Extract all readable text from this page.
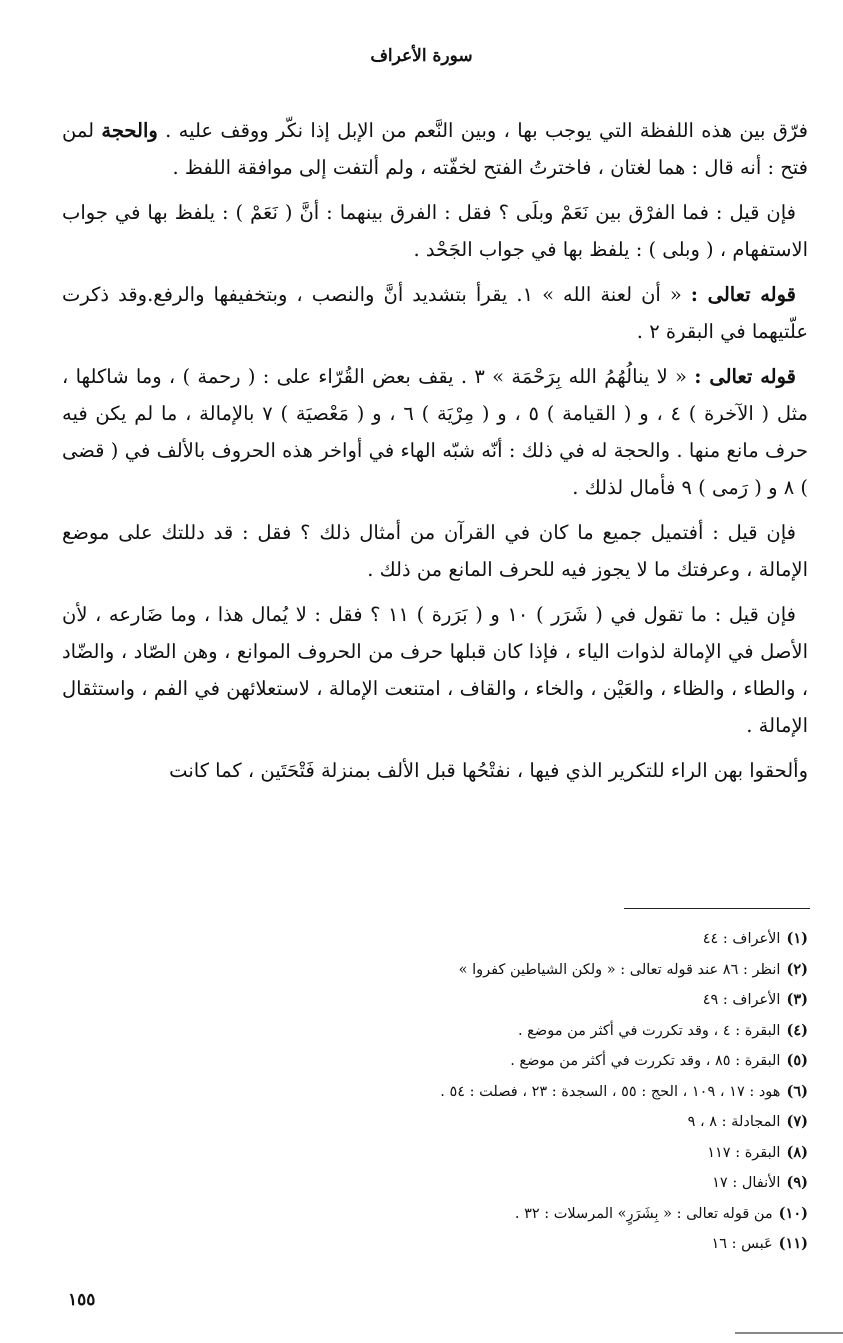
سورة الأعراف

فرّق بين هذه اللفظة التي يوجب بها ، وبين النَّعم من الإبل إذا نكّر ووقف عليه . والحجة لمن فتح : أنه قال : هما لغتان ، فاخترتُ الفتح لخفّته ، ولم ألتفت إلى موافقة اللفظ .

فإن قيل : فما الفرْق بين نَعَمْ وبلَى ؟ فقل : الفرق بينهما : أنَّ ( نَعَمْ ) : يلفظ بها في جواب الاستفهام ، ( وبلى ) : يلفظ بها في جواب الجَحْد .

قوله تعالى : « أن لعنة الله » ١. يقرأ بتشديد أنَّ والنصب ، وبتخفيفها والرفع.وقد ذكرت علّتيهما في البقرة ٢ .

قوله تعالى : « لا ينالُهُمُ الله بِرَحْمَة » ٣ . يقف بعض القُرّاء على : ( رحمة ) ، وما شاكلها ، مثل ( الآخرة ) ٤ ، و ( القيامة ) ٥ ، و ( مِرْيَة ) ٦ ، و ( مَعْصيَة ) ٧ بالإمالة ، ما لم يكن فيه حرف مانع منها . والحجة له في ذلك : أنّه شبّه الهاء في أواخر هذه الحروف بالألف في ( قضى ) ٨ و ( رَمى ) ٩ فأمال لذلك .

فإن قيل : أفتميل جميع ما كان في القرآن من أمثال ذلك ؟ فقل : قد دللتك على موضع الإمالة ، وعرفتك ما لا يجوز فيه للحرف المانع من ذلك .

فإن قيل : ما تقول في ( شَرَر ) ١٠ و ( بَرَرة ) ١١ ؟ فقل : لا يُمال هذا ، وما ضَارعه ، لأن الأصل في الإمالة لذوات الياء ، فإذا كان قبلها حرف من الحروف الموانع ، وهن الصّاد ، والضّاد ، والطاء ، والظاء ، والعَيْن ، والخاء ، والقاف ، امتنعت الإمالة ، لاستعلائهن في الفم ، واستثقال الإمالة .

وألحقوا بهن الراء للتكرير الذي فيها ، نفتْحُها قبل الألف بمنزلة فَتْحَتَين ، كما كانت

(١)الأعراف : ٤٤
(٢)انظر : ٨٦ عند قوله تعالى : « ولكن الشياطين كفروا »
(٣)الأعراف : ٤٩
(٤)البقرة : ٤ ، وقد تكررت في أكثر من موضع .
(٥)البقرة : ٨٥ ، وقد تكررت في أكثر من موضع .
(٦)هود : ١٧ ، ١٠٩ ، الحج : ٥٥ ، السجدة : ٢٣ ، فصلت : ٥٤ .
(٧)المجادلة : ٨ ، ٩
(٨)البقرة : ١١٧
(٩)الأنفال : ١٧
(١٠)من قوله تعالى : « بِشَرَرٍ» المرسلات : ٣٢ .
(١١)عَبس : ١٦
١٥٥
